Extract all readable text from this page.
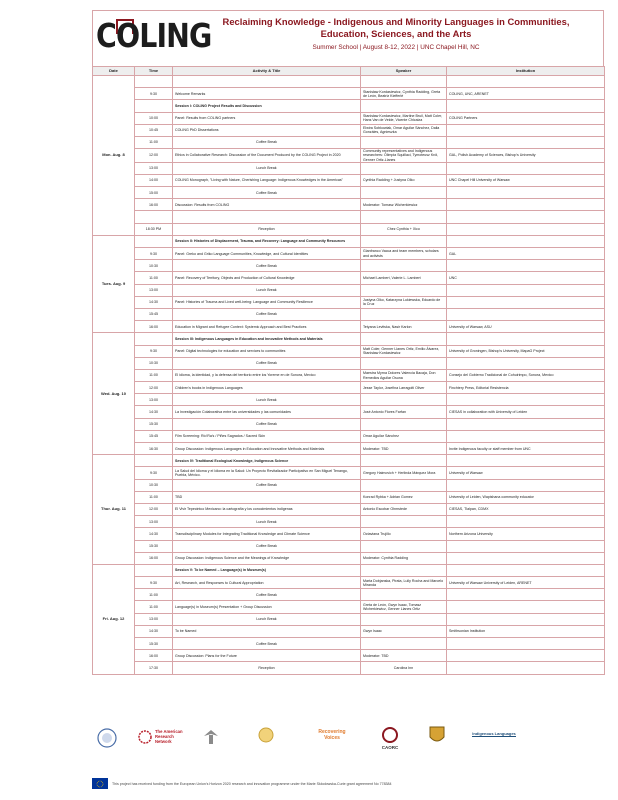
COLING	Reclaiming Knowledge - Indigenous and Minority Languages in Communities,
Education, Sciences, and the Arts
Summer School | August 8-12, 2022 | UNC Chapel Hill, NC
Date	Time	Activity & Title	Speaker	Institution
Mon. Aug. 8				
	9:30	Welcome Remarks	Stanisław Kordasiewicz, Cynthia Radding, Greta de León, Beatriz Kiefferlé	COLING, UNC, ARENET
		Session I: COLING Project Results and Discussion		
	10:00	Panel: Results from COLING partners	Stanisław Kordasiewicz, Martine Bruil, Matt Coler, Hans Van de Velde, Vicente Chicaiza	COLING Partners
	10:45	COLING PhD Dissertations	Elwira Sobkowiak, Omar Aguilar Sánchez, Dalia Gonzáles, Agnieszka	
	11:00	Coffee Break		
	12:00	Ethics in Collaborative Research: Discussion of the Document Produced by the COLING Project in 2020	Community representatives and Indigenous researchers: Olimpia Squillaci, Tymoteusz Król, Genner Ortiz-Llanes	GAL, Polish Academy of Sciences, Bishop's University
	13:00	Lunch Break		
	14:00	COLING Monograph, "Living with Nature, Cherishing Language: Indigenous Knowledges in the Americas"	Cynthia Radding + Justyna Olko	UNC Chapel Hill University of Warsaw
	15:00	Coffee Break		
	16:00	Discussion: Results from COLING	Moderator: Tomasz Wicherkiewicz	

	18:30 PM	Reception	Chez Cynthia + Xico	
Tues. Aug. 9		Session II: Histories of Displacement, Trauma, and Recovery: Language and Community Resources		
	9:30	Panel: Greko and Griko Language Communities, Knowledge, and Cultural Identities	Gianfranco Vacca and team members, scholars and activists	GAL
	10:30	Coffee Break		
	11:00	Panel: Recovery of Territory, Objects and Production of Cultural Knowledge	Michael Lambert, Valerie L. Lambert	UNC
	13:00	Lunch Break		
	14:30	Panel: Histories of Trauma and Lived well-being: Language and Community Resilience	Justyna Olko, Katarzyna Lukiewska, Eduardo de la Cruz	
	15:45	Coffee Break		
	16:00	Education in Migrant and Refugee Context: Systemic Approach and Best Practices	Tetyana Levitska, Nasir Karlon	University of Warsaw, ASU
Wed. Aug. 10		Session III: Indigenous Languages in Education and Innovative Methods and Materials		
	9:30	Panel: Digital technologies for education and services to communities	Matt Coler, Genner Llanes Ortiz, Emilio Álvarez, Stanisław Kordasiewicz	University of Groningen, Bishop's University, MapaG Project
	10:30	Coffee Break		
	11:00	El idioma, la identidad, y la defensa del territorio entre los Yoreme en de Sonora, Mexico	Maestra Myrna Dolores Valencia Bacaja, Don Remedios Aguilar Osuna	Consejo del Gobierno Tradicional de Cohuirimpo, Sonora, Mexico
	12:00	Children's books in Indigenous Languages	Jesse Taylor, Josefina Larragoiti Oliver	Finchtery Press, Editorial Resistencia
	13:00	Lunch Break		
	14:30	La Investigación Colaborativa entre las universidades y las comunidades	José Antonio Flores Farfan	CIESAS in collaboration with University of Leiden
	15:30	Coffee Break		
	15:45	Film Screening: Río'Ra's / Piñes Sagrados / Sacred Skin	Omar Aguilar Sánchez	
	16:30	Group Discussion: Indigenous Languages in Education and Innovative Methods and Materials	Moderator: TBD	Invite Indigenous faculty or staff member from UNC
Thur. Aug. 11		Session IV: Traditional Ecological Knowledge, Indigenous Science		
	9:30	La Salud del Idioma y el Idioma en la Salud: Un Proyecto Revitalizador Participativo en San Miguel Tenango, Puebla, México.	Gregory Haimovich + Herlinda Márquez Mora	University of Warsaw
	10:30	Coffee Break		
	11:00	TBD	Konrad Rybka + Adrian Gomez	University of Leiden, Wapishana community educator
	12:00	El Vivir Tepecintco Mexicano: la cartografía y los conocimientos indígenas	Antonio Escobar Ohmstede	CIESAS, Tlalpan, CDMX
	13:00	Lunch Break		
	14:30	Transdisciplinary Modules for Integrating Traditional Knowledge and Climate Science	Octaviana Trujillo	Northern Arizona University
	15:30	Coffee Break		
	16:00	Group Discussion: Indigenous Science and the Meanings of Knowledge	Moderator: Cynthia Radding	
Fri. Aug. 12		Session V: To be Named – Language(s) in Museum(s)		
	9:30	Art, Research, and Responses to Cultural Appropriation	Marta Dobjanska, Pirata, Lully Rocha and Marcelo Miranda	University of Warsaw University of Leiden, ARENET
	11:00	Coffee Break		
	11:00	Language(s) in Museum(s) Presentation + Group Discussion	Greta de León, Gwyn Isaac, Tomasz Wicherkiewicz, Genner Llanes Ortiz	
	13:00	Lunch Break		
	14:30	To be Named	Gwyn Isaac	Smithsonian Institution
	15:30	Coffee Break		
	16:00	Group Discussion: Plans for the Future	Moderator: TBD	
	17:30	Reception	Carolina Inn	
The American Research Network
Recovering Voices
CAORC
Indigenous Languages
This project has received funding from the European Union's Horizon 2020 research and innovation programme under the Marie Skłodowska-Curie grant agreement No 778384
